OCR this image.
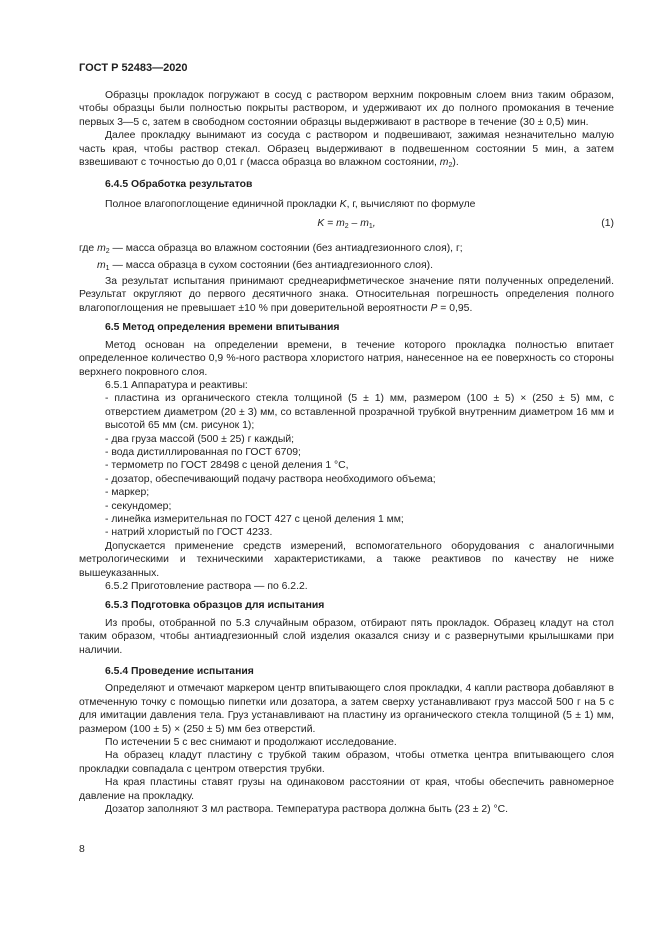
ГОСТ Р 52483—2020

Образцы прокладок погружают в сосуд с раствором верхним покровным слоем вниз таким образом, чтобы образцы были полностью покрыты раствором, и удерживают их до полного промокания в течение первых 3—5 с, затем в свободном состоянии образцы выдерживают в растворе в течение (30 ± 0,5) мин.

Далее прокладку вынимают из сосуда с раствором и подвешивают, зажимая незначительно малую часть края, чтобы раствор стекал. Образец выдерживают в подвешенном состоянии 5 мин, а затем взвешивают с точностью до 0,01 г (масса образца во влажном состоянии, $m_2$).

6.4.5 Обработка результатов

Полное влагопоглощение единичной прокладки K, г, вычисляют по формуле

$K = m_2 - m_1$,	(1)

где $m_2$ — масса образца во влажном состоянии (без антиадгезионного слоя), г;

$m_1$ — масса образца в сухом состоянии (без антиадгезионного слоя).

За результат испытания принимают среднеарифметическое значение пяти полученных определений. Результат округляют до первого десятичного знака. Относительная погрешность определения полного влагопоглощения не превышает ±10 % при доверительной вероятности P = 0,95.

6.5 Метод определения времени впитывания

Метод основан на определении времени, в течение которого прокладка полностью впитает определенное количество 0,9 %-ного раствора хлористого натрия, нанесенное на ее поверхность со стороны верхнего покровного слоя.

6.5.1 Аппаратура и реактивы:

- пластина из органического стекла толщиной (5 ± 1) мм, размером (100 ± 5) × (250 ± 5) мм, с отверстием диаметром (20 ± 3) мм, со вставленной прозрачной трубкой внутренним диаметром 16 мм и высотой 65 мм (см. рисунок 1);

- два груза массой (500 ± 25) г каждый;

- вода дистиллированная по ГОСТ 6709;

- термометр по ГОСТ 28498 с ценой деления 1 °С,

- дозатор, обеспечивающий подачу раствора необходимого объема;

- маркер;

- секундомер;

- линейка измерительная по ГОСТ 427 с ценой деления 1 мм;

- натрий хлористый по ГОСТ 4233.

Допускается применение средств измерений, вспомогательного оборудования с аналогичными метрологическими и техническими характеристиками, а также реактивов по качеству не ниже вышеуказанных.

6.5.2 Приготовление раствора — по 6.2.2.

6.5.3 Подготовка образцов для испытания

Из пробы, отобранной по 5.3 случайным образом, отбирают пять прокладок. Образец кладут на стол таким образом, чтобы антиадгезионный слой изделия оказался снизу и с развернутыми крылышками при наличии.

6.5.4 Проведение испытания

Определяют и отмечают маркером центр впитывающего слоя прокладки, 4 капли раствора добавляют в отмеченную точку с помощью пипетки или дозатора, а затем сверху устанавливают груз массой 500 г на 5 с для имитации давления тела. Груз устанавливают на пластину из органического стекла толщиной (5 ± 1) мм, размером (100 ± 5) × (250 ± 5) мм без отверстий.

По истечении 5 с вес снимают и продолжают исследование.

На образец кладут пластину с трубкой таким образом, чтобы отметка центра впитывающего слоя прокладки совпадала с центром отверстия трубки.

На края пластины ставят грузы на одинаковом расстоянии от края, чтобы обеспечить равномерное давление на прокладку.

Дозатор заполняют 3 мл раствора. Температура раствора должна быть (23 ± 2) °С.

8
